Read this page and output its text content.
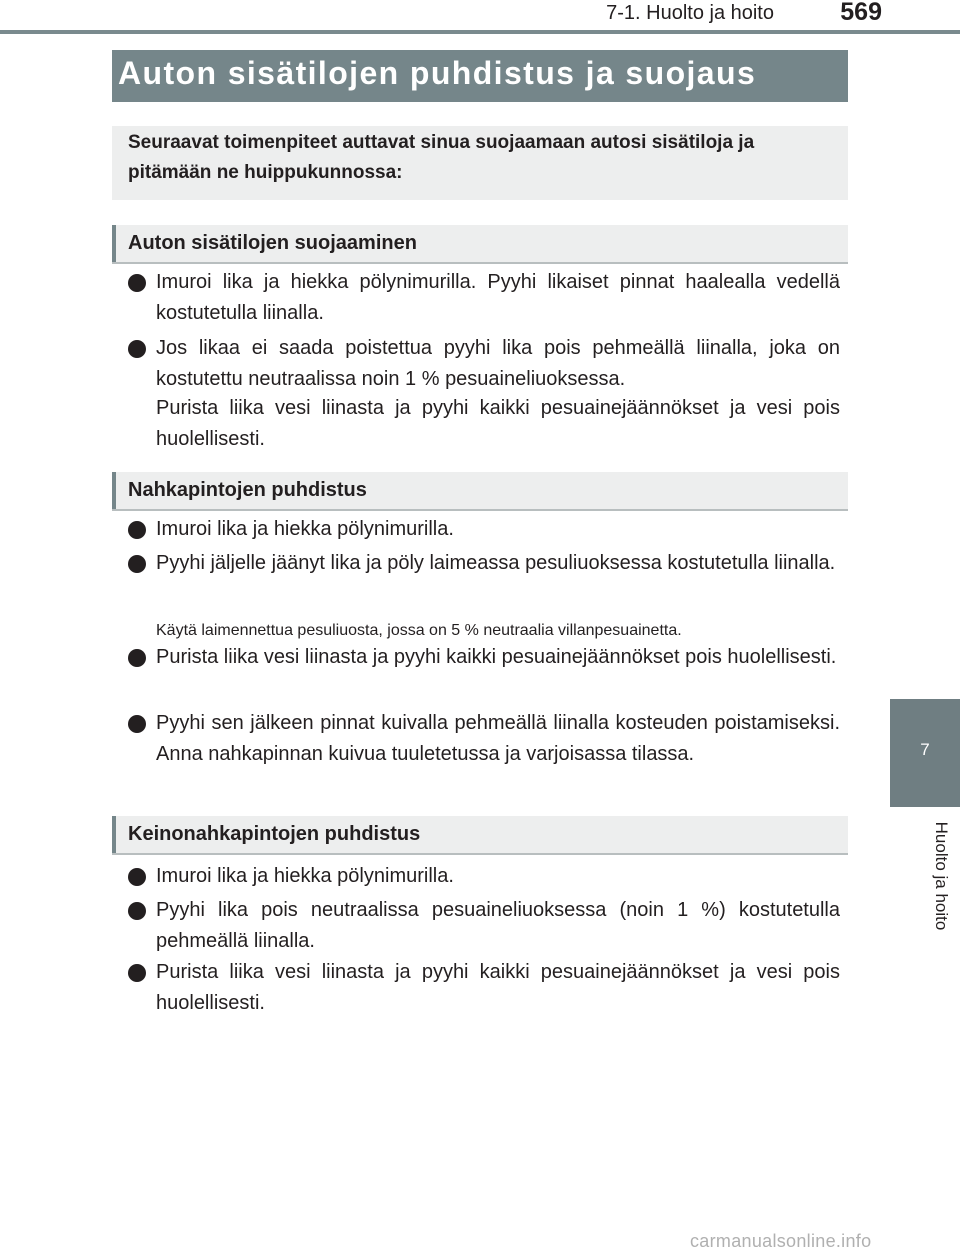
7-1. Huolto ja hoito	569
7
Huolto ja hoito
Auton sisätilojen puhdistus ja suojaus
Seuraavat toimenpiteet auttavat sinua suojaamaan autosi sisätiloja ja pitämään ne huippukunnossa:
Auton sisätilojen suojaaminen
Imuroi lika ja hiekka pölynimurilla. Pyyhi likaiset pinnat haalealla vedellä kostutetulla liinalla.
Jos likaa ei saada poistettua pyyhi lika pois pehmeällä liinalla, joka on kostutettu neutraalissa noin 1 % pesuaineliuoksessa.
Purista liika vesi liinasta ja pyyhi kaikki pesuainejäännökset ja vesi pois huolellisesti.
Nahkapintojen puhdistus
Imuroi lika ja hiekka pölynimurilla.
Pyyhi jäljelle jäänyt lika ja pöly laimeassa pesuliuoksessa kostutetulla liinalla.
Käytä laimennettua pesuliuosta, jossa on 5 % neutraalia villanpesuainetta.
Purista liika vesi liinasta ja pyyhi kaikki pesuainejäännökset pois huolellisesti.
Pyyhi sen jälkeen pinnat kuivalla pehmeällä liinalla kosteuden poistamiseksi. Anna nahkapinnan kuivua tuuletetussa ja varjoisassa tilassa.
Keinonahkapintojen puhdistus
Imuroi lika ja hiekka pölynimurilla.
Pyyhi lika pois neutraalissa pesuaineliuoksessa (noin 1 %) kostutetulla pehmeällä liinalla.
Purista liika vesi liinasta ja pyyhi kaikki pesuainejäännökset ja vesi pois huolellisesti.
carmanualsonline.info
